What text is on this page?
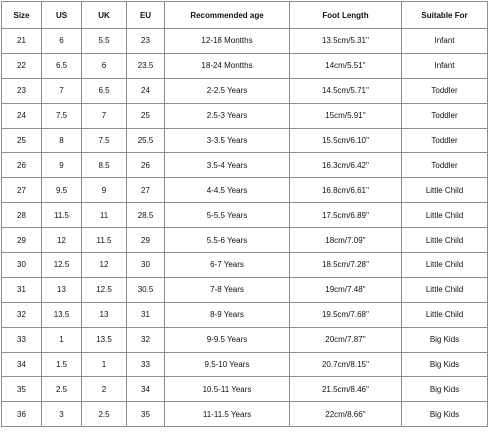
Size	US	UK	EU	Recommended age	Foot Length	Suitable For
21	6	5.5	23	12-18 Montths	13.5cm/5.31''	Infant
22	6.5	6	23.5	18-24 Montths	14cm/5.51''	Infant
23	7	6.5	24	2-2.5 Years	14.5cm/5.71''	Toddler
24	7.5	7	25	2.5-3 Years	15cm/5.91''	Toddler
25	8	7.5	25.5	3-3.5 Years	15.5cm/6.10''	Toddler
26	9	8.5	26	3.5-4 Years	16.3cm/6.42''	Toddler
27	9.5	9	27	4-4.5 Years	16.8cm/6.61''	Little Child
28	11.5	11	28.5	5-5.5 Years	17.5cm/6.89''	Little Child
29	12	11.5	29	5.5-6 Years	18cm/7.09''	Little Child
30	12.5	12	30	6-7 Years	18.5cm/7.28''	Little Child
31	13	12.5	30.5	7-8 Years	19cm/7.48''	Little Child
32	13.5	13	31	8-9 Years	19.5cm/7.68''	Little Child
33	1	13.5	32	9-9.5 Years	20cm/7.87''	Big Kids
34	1.5	1	33	9.5-10 Years	20.7cm/8.15''	Big Kids
35	2.5	2	34	10.5-11 Years	21.5cm/8.46''	Big Kids
36	3	2.5	35	11-11.5 Years	22cm/8.66''	Big Kids
